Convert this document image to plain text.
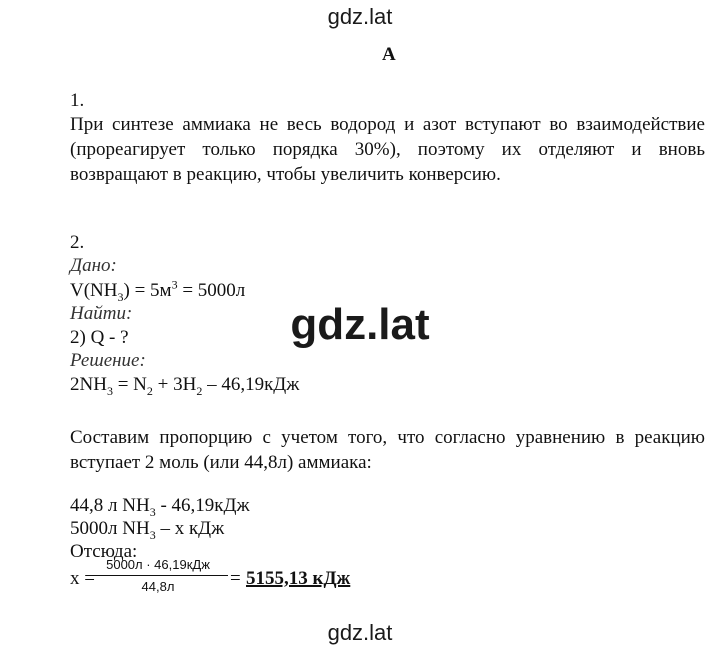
gdz.lat
А
1.
При синтезе аммиака не весь водород и азот вступают во взаимодействие (прореагирует только порядка 30%), поэтому их отделяют и вновь возвращают в реакцию, чтобы увеличить конверсию.
2.
Дано:
$V(NH_3) = 5м^3 = 5000л$
Найти:
2) Q - ?
Решение:
$2NH_3 = N_2 + 3H_2 - 46,19кДж$
gdz.lat
Составим пропорцию с учетом того, что согласно уравнению в реакцию вступает 2 моль (или 44,8л) аммиака:
44,8 л $NH_3 - 46,19кДж$
5000л $NH_3$ – x кДж
Отсюда:
x =
5000л · 46,19кДж
44,8л	= 5155,13 кДж
gdz.lat
